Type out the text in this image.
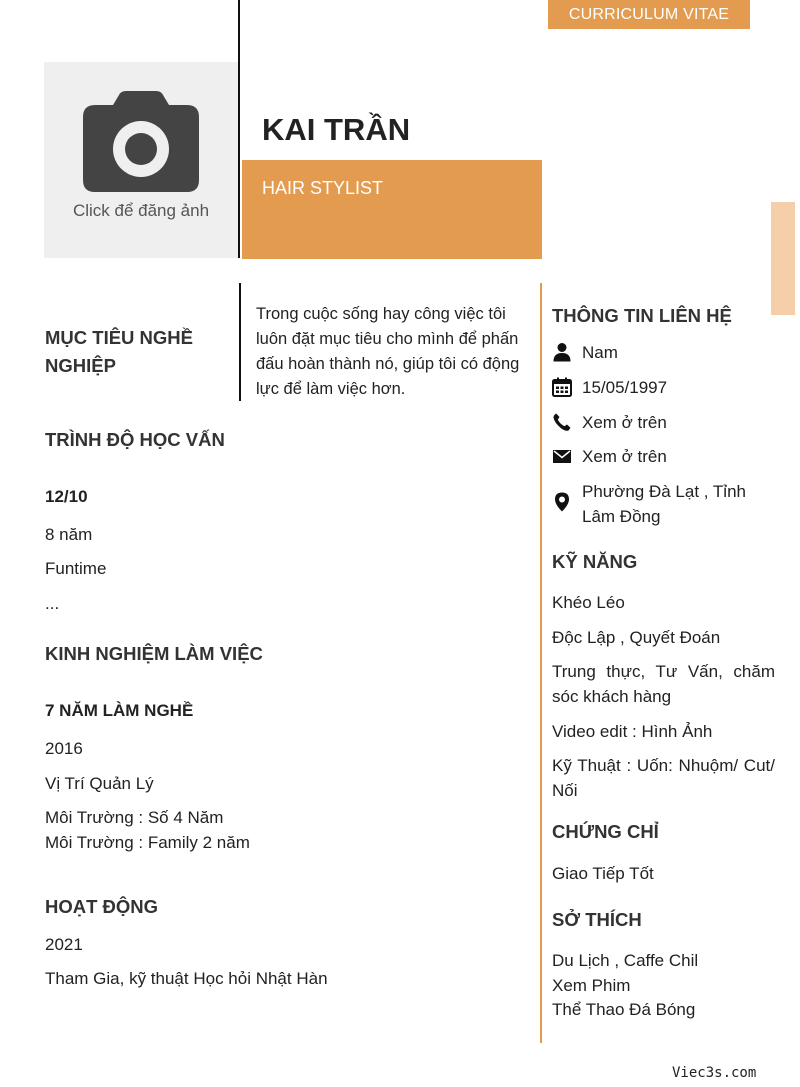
CURRICULUM VITAE
Click để đăng ảnh
KAI TRẦN
HAIR STYLIST
MỤC TIÊU NGHỀ
NGHIỆP
Trong cuộc sống hay công việc tôi luôn đặt mục tiêu cho mình để phấn đấu hoàn thành nó, giúp tôi có động lực để làm việc hơn.
TRÌNH ĐỘ HỌC VẤN
12/10
8 năm
Funtime
...
KINH NGHIỆM LÀM VIỆC
7 NĂM LÀM NGHỀ
2016
Vị Trí Quản Lý
Môi Trường : Số 4 Năm
Môi Trường : Family 2 năm
HOẠT ĐỘNG
2021
Tham Gia, kỹ thuật Học hỏi Nhật Hàn
THÔNG TIN LIÊN HỆ
Nam
15/05/1997
Xem ở trên
Xem ở trên
Phường Đà Lạt , Tỉnh Lâm Đồng
KỸ NĂNG
Khéo Léo
Độc Lập , Quyết Đoán
Trung thực, Tư Vấn, chăm sóc khách hàng
Video edit : Hình Ảnh
Kỹ Thuật : Uốn: Nhuộm/ Cut/ Nối
CHỨNG CHỈ
Giao Tiếp Tốt
SỞ THÍCH
Du Lịch , Caffe Chil
Xem Phim
Thể Thao Đá Bóng
Viec3s.com
